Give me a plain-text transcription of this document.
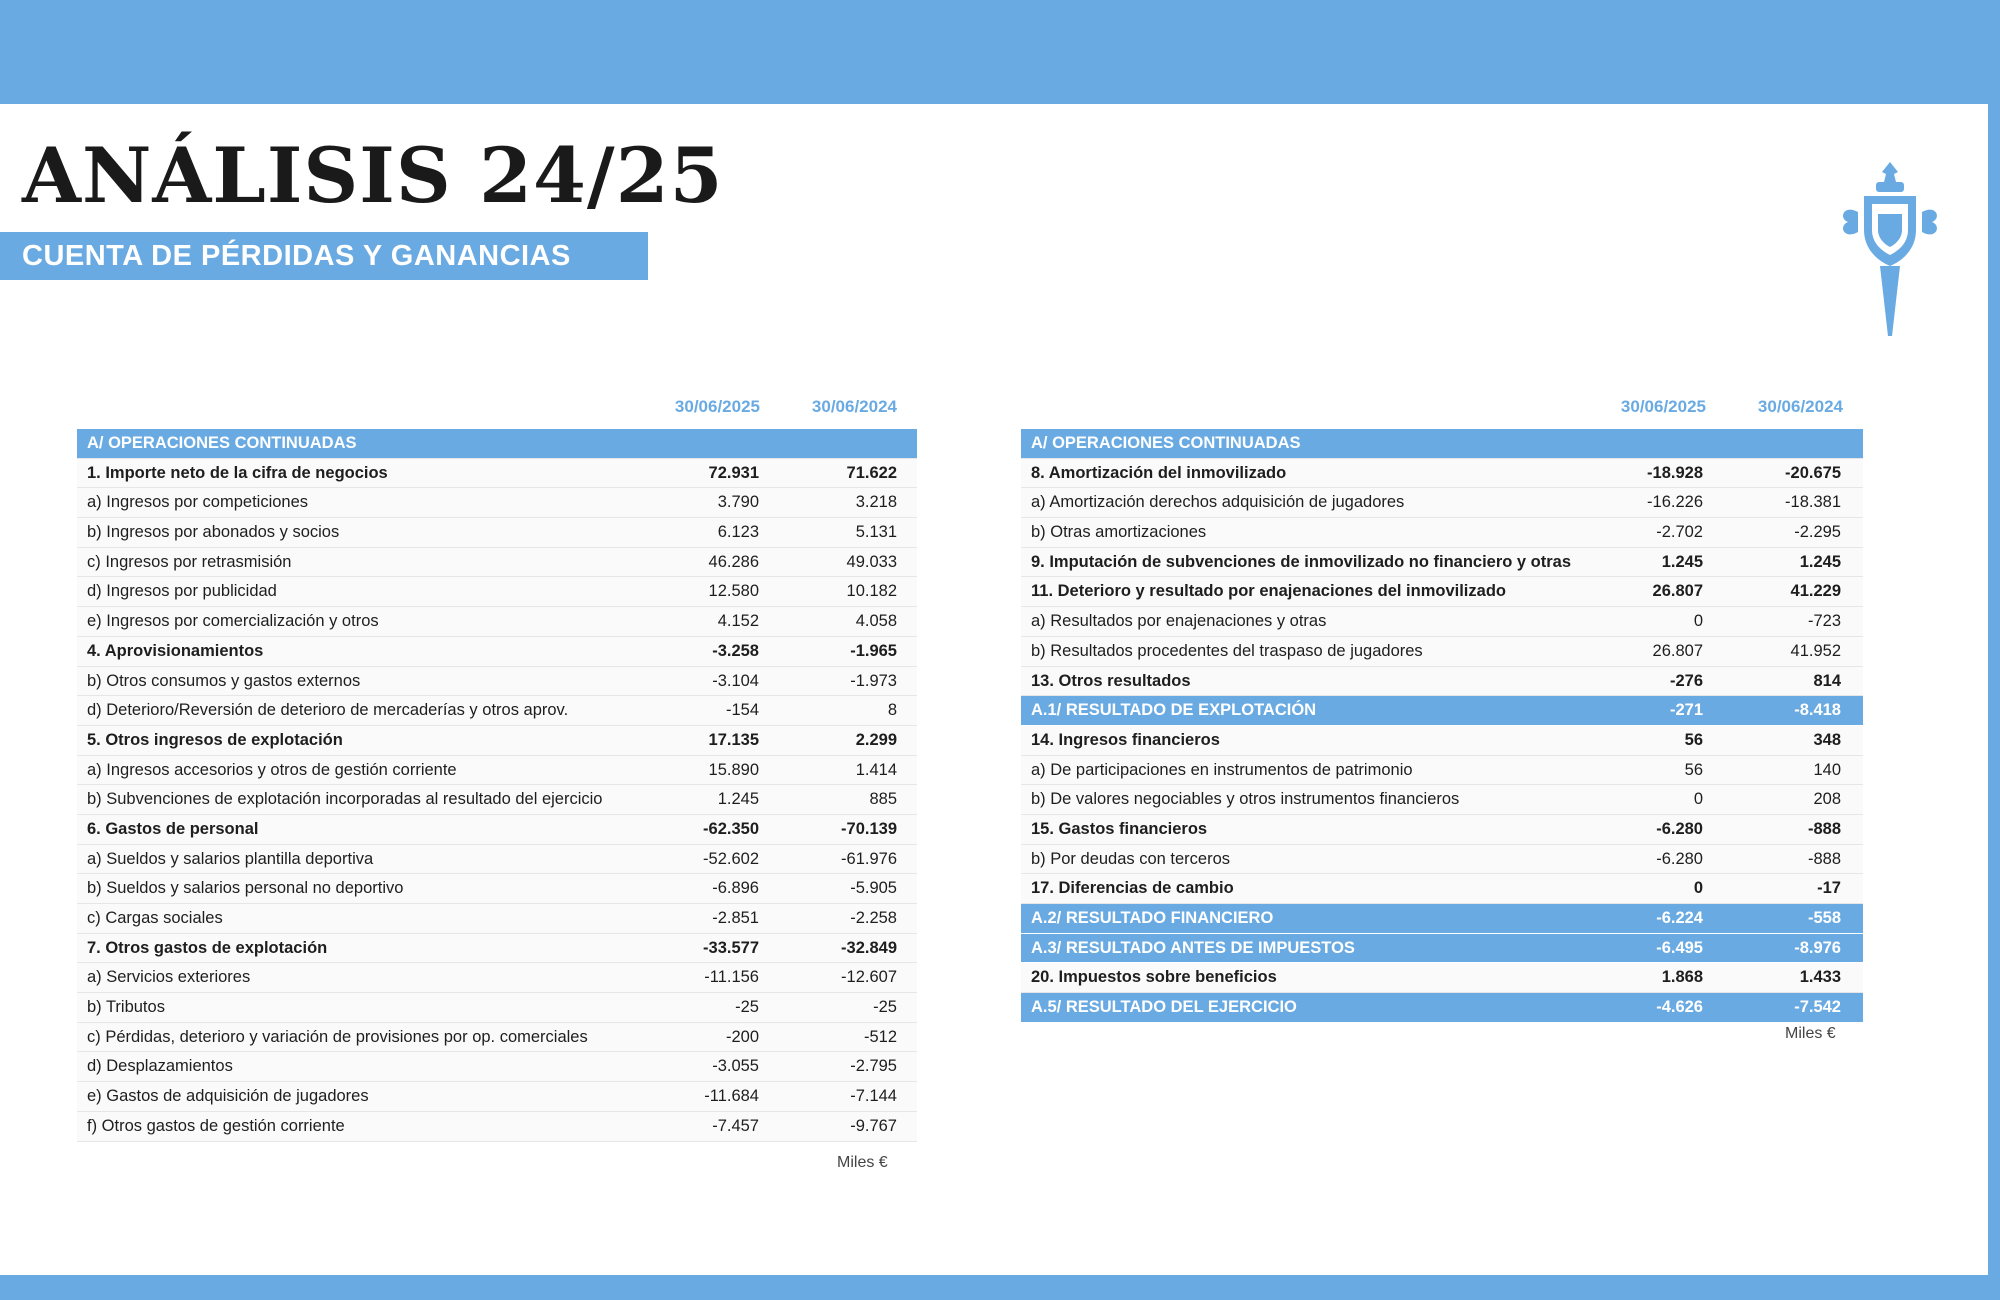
ANÁLISIS 24/25
CUENTA DE PÉRDIDAS Y GANANCIAS
30/06/2025	30/06/2024
A/ OPERACIONES CONTINUADAS
1. Importe neto de la cifra de negocios	72.931	71.622
a) Ingresos por competiciones	3.790	3.218
b) Ingresos por abonados y socios	6.123	5.131
c) Ingresos por retrasmisión	46.286	49.033
d) Ingresos por publicidad	12.580	10.182
e) Ingresos por comercialización y otros	4.152	4.058
4. Aprovisionamientos	-3.258	-1.965
b) Otros consumos y gastos externos	-3.104	-1.973
d) Deterioro/Reversión de deterioro de mercaderías y otros aprov.	-154	8
5. Otros ingresos de explotación	17.135	2.299
a) Ingresos accesorios y otros de gestión corriente	15.890	1.414
b) Subvenciones de explotación incorporadas al resultado del ejercicio	1.245	885
6. Gastos de personal	-62.350	-70.139
a) Sueldos y salarios plantilla deportiva	-52.602	-61.976
b) Sueldos y salarios personal no deportivo	-6.896	-5.905
c) Cargas sociales	-2.851	-2.258
7. Otros gastos de explotación	-33.577	-32.849
a) Servicios exteriores	-11.156	-12.607
b) Tributos	-25	-25
c) Pérdidas, deterioro y variación de provisiones por op. comerciales	-200	-512
d) Desplazamientos	-3.055	-2.795
e) Gastos de adquisición de jugadores	-11.684	-7.144
f) Otros gastos de gestión corriente	-7.457	-9.767
Miles €
30/06/2025	30/06/2024
A/ OPERACIONES CONTINUADAS
8. Amortización del inmovilizado	-18.928	-20.675
a) Amortización derechos adquisición de jugadores	-16.226	-18.381
b) Otras amortizaciones	-2.702	-2.295
9. Imputación de subvenciones de inmovilizado no financiero y otras	1.245	1.245
11. Deterioro y resultado por enajenaciones del inmovilizado	26.807	41.229
a) Resultados por enajenaciones y otras	0	-723
b) Resultados procedentes del traspaso de jugadores	26.807	41.952
13. Otros resultados	-276	814
A.1/ RESULTADO DE EXPLOTACIÓN	-271	-8.418
14. Ingresos financieros	56	348
a) De participaciones en instrumentos de patrimonio	56	140
b) De valores negociables y otros instrumentos financieros	0	208
15. Gastos financieros	-6.280	-888
b) Por deudas con terceros	-6.280	-888
17. Diferencias de cambio	0	-17
A.2/ RESULTADO FINANCIERO	-6.224	-558
A.3/ RESULTADO ANTES DE IMPUESTOS	-6.495	-8.976
20. Impuestos sobre beneficios	1.868	1.433
A.5/ RESULTADO DEL EJERCICIO	-4.626	-7.542
Miles €
